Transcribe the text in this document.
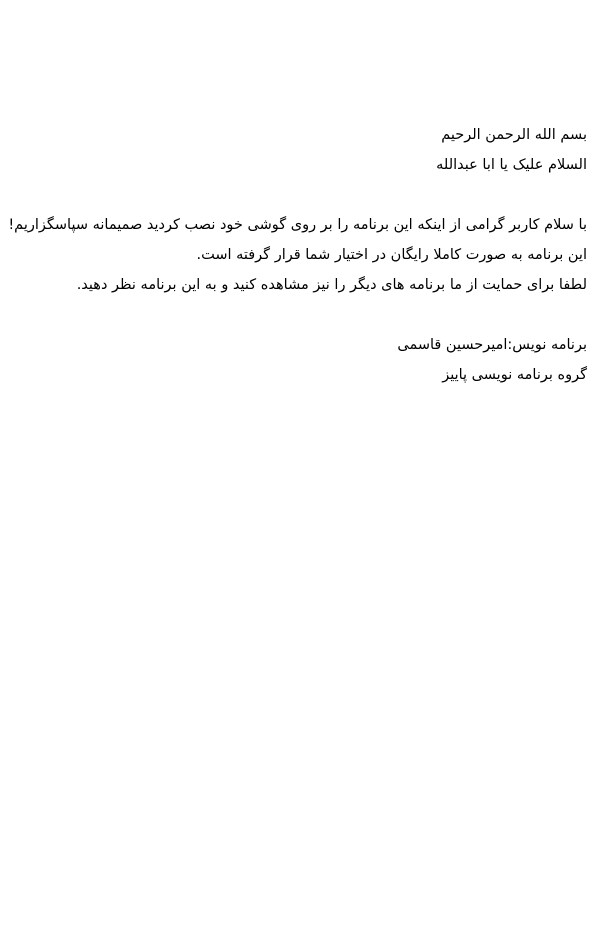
بسم الله الرحمن الرحیم
السلام علیک یا ابا عبدالله
با سلام کاربر گرامی از اینکه این برنامه را بر روی گوشی خود نصب کردید صمیمانه سپاسگزاریم!
این برنامه به صورت کاملا رایگان در اختیار شما قرار گرفته است.
لطفا برای حمایت از ما برنامه های دیگر را نیز مشاهده کنید و به این برنامه نظر دهید.
برنامه نویس:امیرحسین قاسمی
گروه برنامه نویسی پاییز
